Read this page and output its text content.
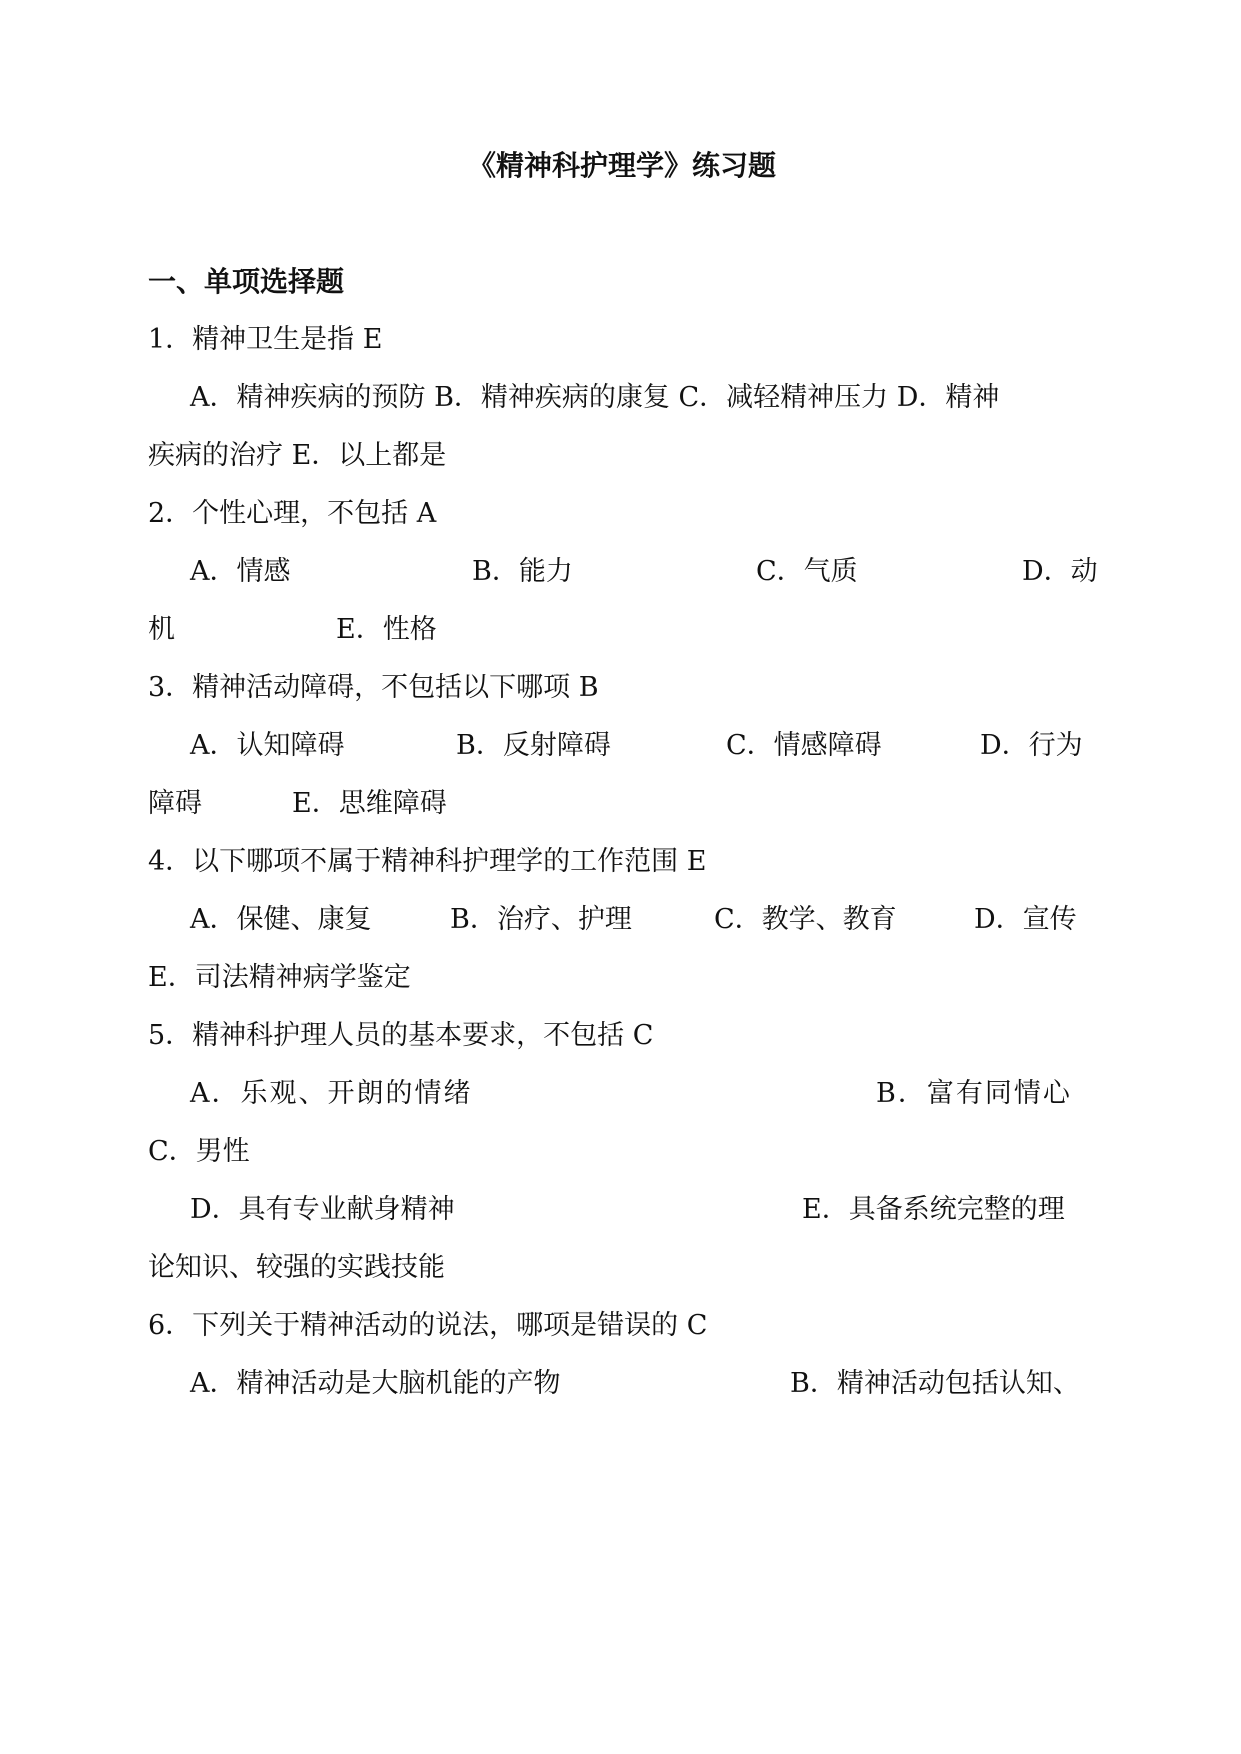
《精神科护理学》练习题
一、单项选择题
1．精神卫生是指 E
A．精神疾病的预防 B．精神疾病的康复 C．减轻精神压力 D．精神
疾病的治疗 E．以上都是
2．个性心理，不包括 A
A．情感	B．能力	C．气质	D．动
机	E．性格
3．精神活动障碍，不包括以下哪项 B
A．认知障碍	B．反射障碍	C．情感障碍	D．行为
障碍	E．思维障碍
4．以下哪项不属于精神科护理学的工作范围 E
A．保健、康复	B．治疗、护理	C．教学、教育	D．宣传
E．司法精神病学鉴定
5．精神科护理人员的基本要求，不包括 C
A．乐观、开朗的情绪	B．富有同情心
C．男性
D．具有专业献身精神	E．具备系统完整的理
论知识、较强的实践技能
6．下列关于精神活动的说法，哪项是错误的 C
A．精神活动是大脑机能的产物	B．精神活动包括认知、
